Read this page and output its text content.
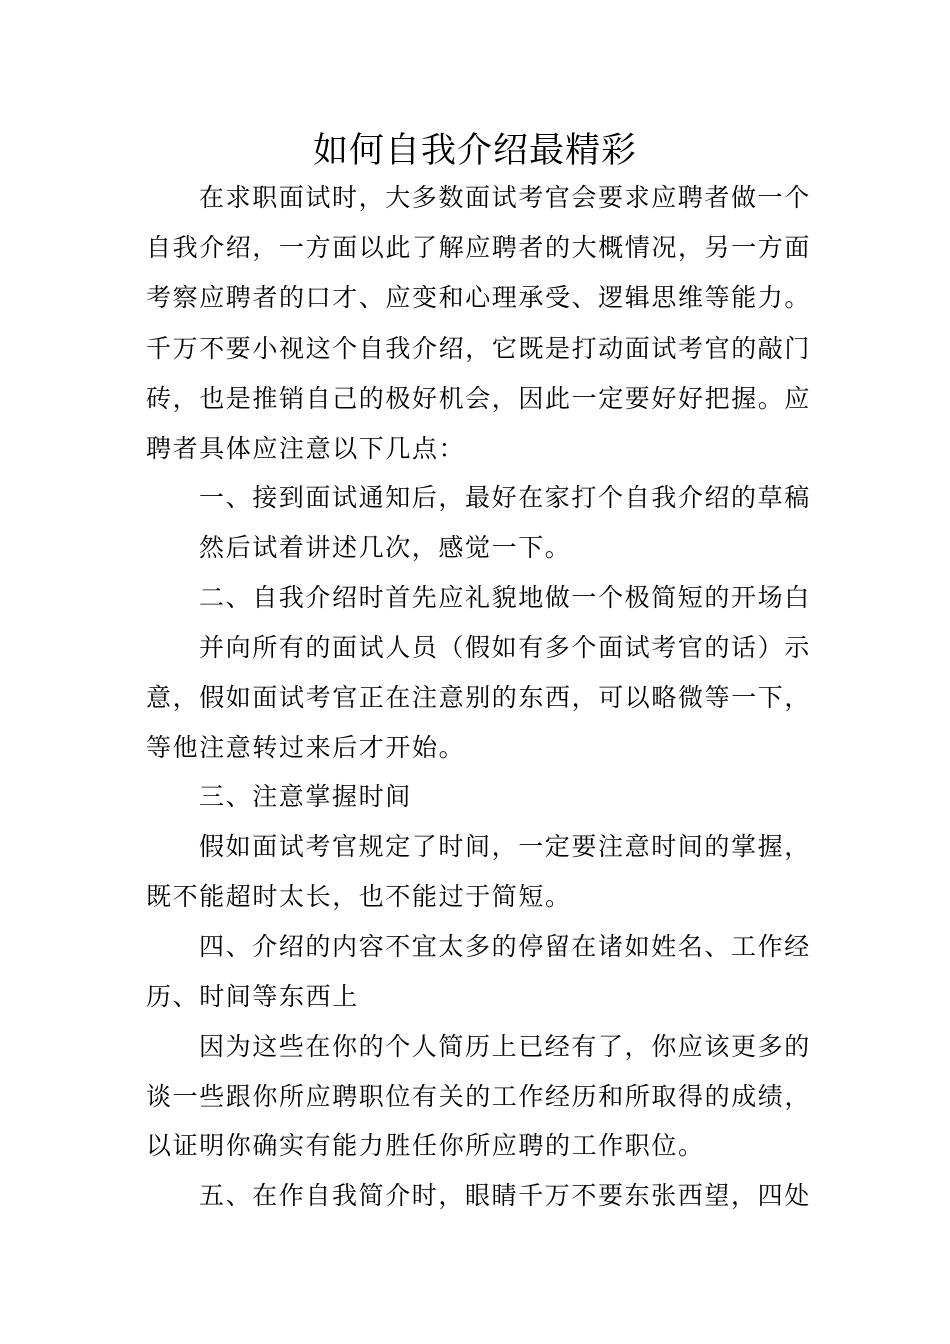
如何自我介绍最精彩

在求职面试时，大多数面试考官会要求应聘者做一个

自我介绍，一方面以此了解应聘者的大概情况，另一方面

考察应聘者的口才、应变和心理承受、逻辑思维等能力。

千万不要小视这个自我介绍，它既是打动面试考官的敲门

砖，也是推销自己的极好机会，因此一定要好好把握。应

聘者具体应注意以下几点：

一、接到面试通知后，最好在家打个自我介绍的草稿

然后试着讲述几次，感觉一下。

二、自我介绍时首先应礼貌地做一个极简短的开场白

并向所有的面试人员（假如有多个面试考官的话）示

意，假如面试考官正在注意别的东西，可以略微等一下，

等他注意转过来后才开始。

三、注意掌握时间

假如面试考官规定了时间，一定要注意时间的掌握，

既不能超时太长，也不能过于简短。

四、介绍的内容不宜太多的停留在诸如姓名、工作经

历、时间等东西上

因为这些在你的个人简历上已经有了，你应该更多的

谈一些跟你所应聘职位有关的工作经历和所取得的成绩，

以证明你确实有能力胜任你所应聘的工作职位。

五、在作自我简介时，眼睛千万不要东张西望，四处
